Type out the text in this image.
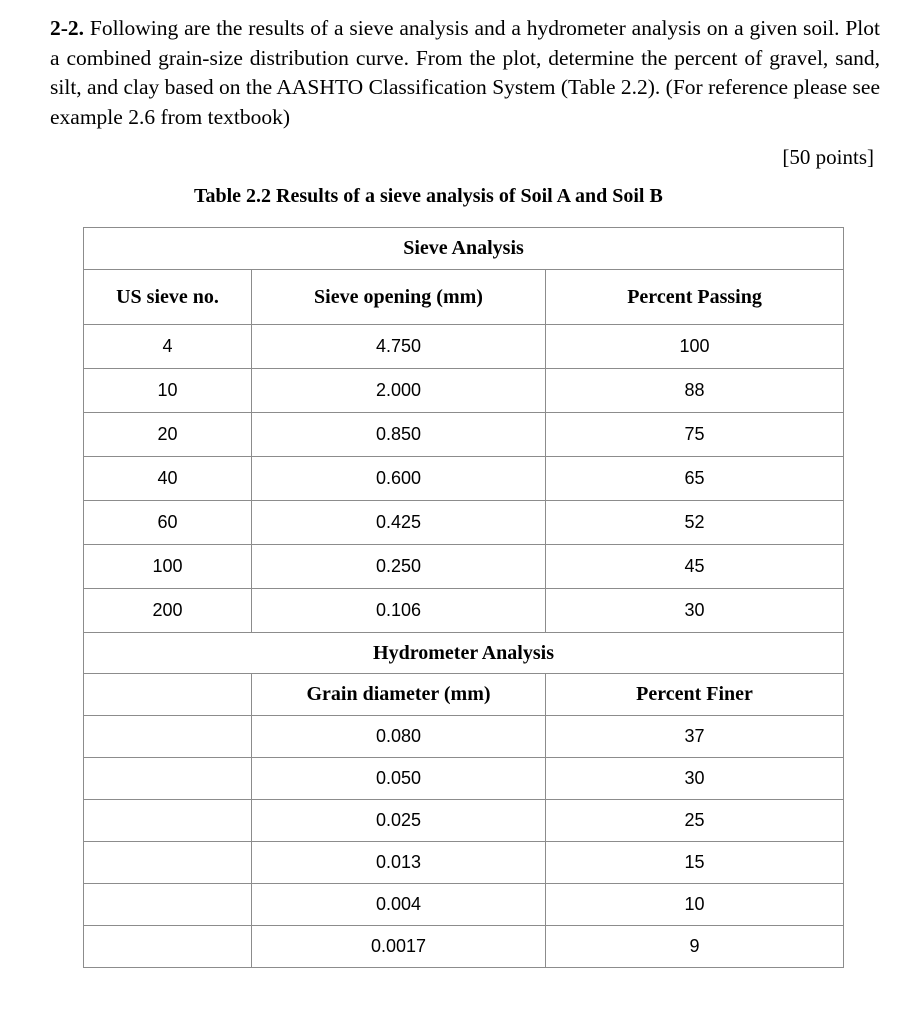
2-2. Following are the results of a sieve analysis and a hydrometer analysis on a given soil. Plot a combined grain-size distribution curve. From the plot, determine the percent of gravel, sand, silt, and clay based on the AASHTO Classification System (Table 2.2). (For reference please see example 2.6 from textbook)

[50 points]

Table 2.2 Results of a sieve analysis of Soil A and Soil B

Sieve Analysis		
US sieve no.	Sieve opening (mm)	Percent Passing
4	4.750	100
10	2.000	88
20	0.850	75
40	0.600	65
60	0.425	52
100	0.250	45
200	0.106	30
Hydrometer Analysis		
	Grain diameter (mm)	Percent Finer
	0.080	37
	0.050	30
	0.025	25
	0.013	15
	0.004	10
	0.0017	9
